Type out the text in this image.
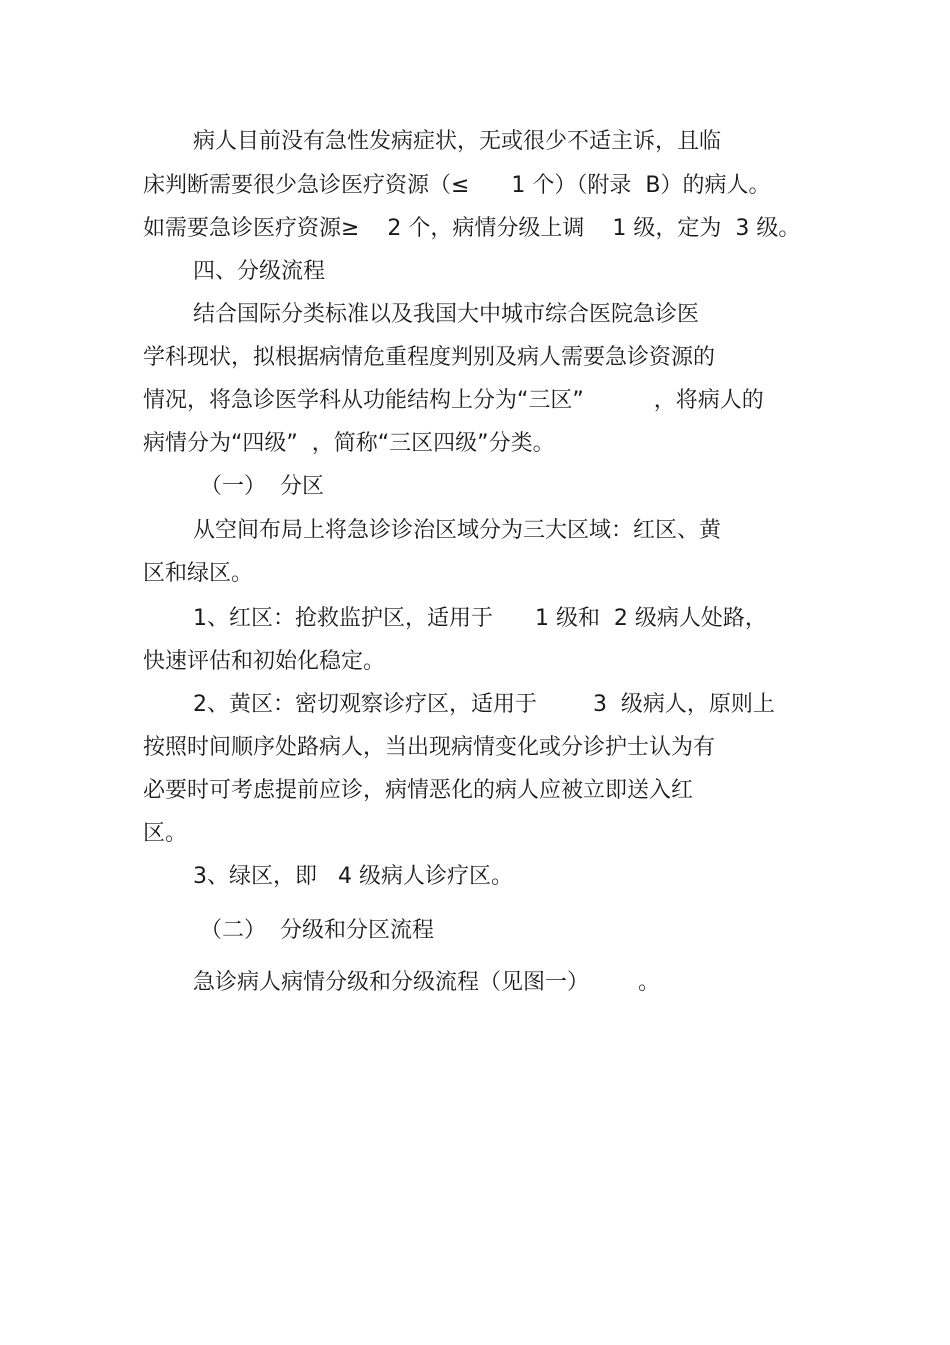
病人目前没有急性发病症状，无或很少不适主诉，且临
床判断需要很少急诊医疗资源（≤      1 个）（附录  B）的病人。
如需要急诊医疗资源≥    2 个，病情分级上调    1 级，定为  3 级。
四、分级流程
结合国际分类标准以及我国大中城市综合医院急诊医
学科现状，拟根据病情危重程度判别及病人需要急诊资源的
情况，将急诊医学科从功能结构上分为“三区”          ，将病人的
病情分为“四级”  ，简称“三区四级”分类。
（一）  分区
从空间布局上将急诊诊治区域分为三大区域：红区、黄
区和绿区。
1、红区：抢救监护区，适用于      1 级和  2 级病人处路，
快速评估和初始化稳定。
2、黄区：密切观察诊疗区，适用于        3  级病人，原则上
按照时间顺序处路病人，当出现病情变化或分诊护士认为有
必要时可考虑提前应诊，病情恶化的病人应被立即送入红
区。
3、绿区，即   4 级病人诊疗区。
（二）  分级和分区流程
急诊病人病情分级和分级流程（见图一）       。
